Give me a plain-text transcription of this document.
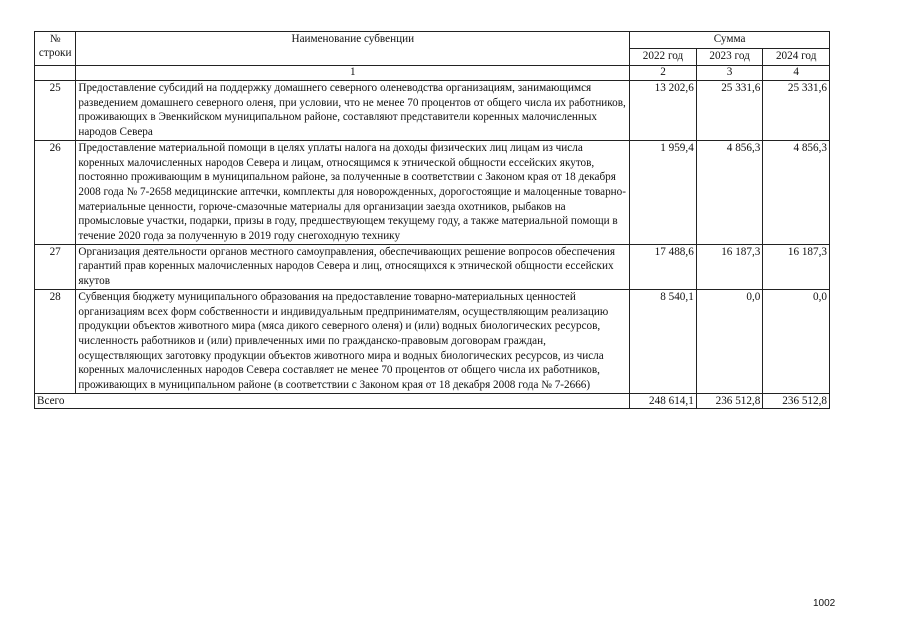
№ строки	Наименование субвенции	Сумма		
		2022 год	2023 год	2024 год
	1	2	3	4
25	Предоставление субсидий на поддержку домашнего северного оленеводства организациям, занимающимся разведением домашнего северного оленя, при условии, что не менее 70 процентов от общего числа их работников, проживающих в Эвенкийском муниципальном районе, составляют представители коренных малочисленных народов Севера	13 202,6	25 331,6	25 331,6
26	Предоставление материальной помощи в целях уплаты налога на доходы физических лиц лицам из числа коренных малочисленных народов Севера и лицам, относящимся к этнической общности ессейских якутов, постоянно проживающим в муниципальном районе, за полученные в соответствии с Законом края от 18 декабря 2008 года № 7-2658 медицинские аптечки, комплекты для новорожденных, дорогостоящие и малоценные товарно-материальные ценности, горюче-смазочные материалы для организации заезда охотников, рыбаков на промысловые участки, подарки, призы в году, предшествующем текущему году, а также материальной помощи в течение 2020 года за полученную в 2019 году снегоходную технику	1 959,4	4 856,3	4 856,3
27	Организация деятельности органов местного самоуправления, обеспечивающих решение вопросов обеспечения гарантий прав коренных малочисленных народов Севера и лиц, относящихся к этнической общности ессейских якутов	17 488,6	16 187,3	16 187,3
28	Субвенция бюджету муниципального образования на предоставление товарно-материальных ценностей организациям всех форм собственности и индивидуальным предпринимателям, осуществляющим реализацию продукции объектов животного мира (мяса дикого северного оленя) и (или) водных биологических ресурсов, численность работников и (или) привлеченных ими по гражданско-правовым договорам граждан, осуществляющих заготовку продукции объектов животного мира и водных биологических ресурсов, из числа коренных малочисленных народов Севера составляет не менее 70 процентов от общего числа их работников, проживающих в муниципальном районе (в соответствии с Законом края от 18 декабря 2008 года № 7-2666)	8 540,1	0,0	0,0
Всего		248 614,1	236 512,8	236 512,8
1002
